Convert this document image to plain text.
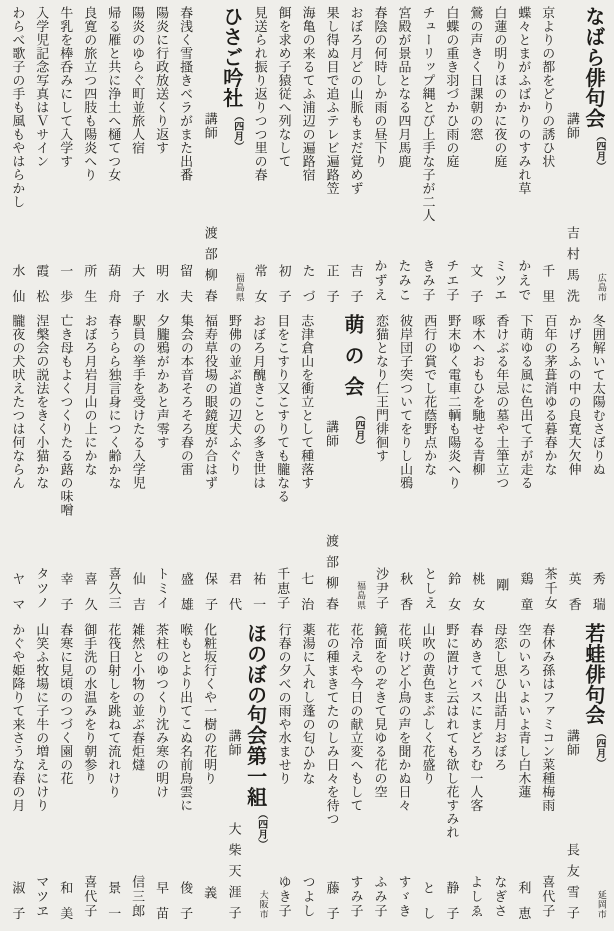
なばら俳句会
（四月）
広島市
講師
吉村馬洗
京よりの都をどりの誘ひ状
千里
蝶々とまがふばかりのすみれ草
かえで
白蓮の明りほのかに夜の庭
ミツエ
鶯の声きく日課朝の窓
文子
白蝶の重き羽づかひ雨の庭
チエ子
チューリップ縄とび上手な子が二人
きみ子
宮殿が景品となる四月馬鹿
たみこ
春陰の何時しか雨の昼下り
かずえ
おぼろ月どの山脈もまだ覚めず
吉子
果し得ぬ目で追ふテレビ遍路笠
正子
海亀の来るてふ浦辺の遍路宿
たづ
餌を求め子猿従へ列なして
初子
見送られ振り返りつつ里の春
常女
ひさご吟社
（四月）
福島県
講師
渡部柳春
春浅く雪搔きベラがまた出番
留夫
陽炎に行政放送くり返す
明水
陽炎のゆらぐ町並旅人宿
大子
帰る雁と共に浄土へ樋てつ女
葫舟
良寛の旅立つ四肢も陽炎へり
所生
牛乳を棒呑みにして入学す
一歩
入学児記念写真はＶサイン
霞松
わらべ歌子の手も風もやはらかし
水仙
冬囲解いて太陽むさぼりぬ
秀瑞
かげろふの中の良寛大欠伸
英香
百年の茅葺消ゆる暮春かな
茶千女
下萌ゆる風に色出て子が走る
鶏童
香けぶる年忌の墓や土筆立つ
剛
啄木へおもひを馳せる青柳
桃女
野末ゆく電車二輌も陽炎へり
鈴女
西行の賞でし花蔭野点かな
としえ
彼岸団子突ついてをりし山鴉
秋香
恋猫となり仁王門徘徊す
沙尹子
萌の会
（四月）
福島県
講師
渡部柳春
志津倉山を衝立として種落す
七治
目をこすり又こすりても朧なる
千恵子
おぼろ月醜きことの多き世は
祐一
野佛の並ぶ道の辺犬ふぐり
君代
福寿草役場の眼鏡度が合はず
保子
集会の本音そろそろ春の雷
盛雄
夕朧鴉がかあと声零す
トミイ
駅員の挙手を受けたる入学児
仙吉
春うらら独言身につく齢かな
喜久三
おぼろ月岩月山の上にかな
喜久
亡き母もよくつくりたる蕗の味噌
幸子
涅槃会の説法をきく小猫かな
タツノ
朧夜の犬吠えたつは何ならん
ヤマ
若蛙俳句会
（四月）
延岡市
講師
長友雪子
春休み孫はファミコン菜種梅雨
喜代子
空のいろいよいよ青し白木蓮
利恵
母恋し思ひ出話月おぼろ
なぎさ
春めきてバスにまどろむ一人客
よしゑ
野に置けと云はれても欲し花すみれ
静子
山吹の黄色まぶしく花盛り
とし
花咲けど小鳥の声を聞かぬ日々
すゞき
鏡面をのぞきて見ゆる花の空
ふみ子
花冷えや今日の献立変へもして
すみ子
花の種まきてたのしみ日々を待つ
藤子
薬湯に入れし蓬の匂ひかな
つよし
行春の夕べの雨や水ませり
ゆき子
ほのぼの句会第一組
（四月）
大阪市
講師
大柴天涯子
化粧坂行くや一樹の花明り
義
喉もとより出てこぬ名前鳥雲に
俊子
茶柱のゆつくり沈み寒の明け
早苗
雑然と小物の並ぶ春炬燵
信三郎
花筏日射しを跳ねて流れけり
景一
御手洗の水温みをり朝参り
喜代子
春寒に見頃のつづく園の花
和美
山笑ふ牧場に子牛の増えにけり
マツヱ
かぐや姫降りて来さうな春の月
淑子
